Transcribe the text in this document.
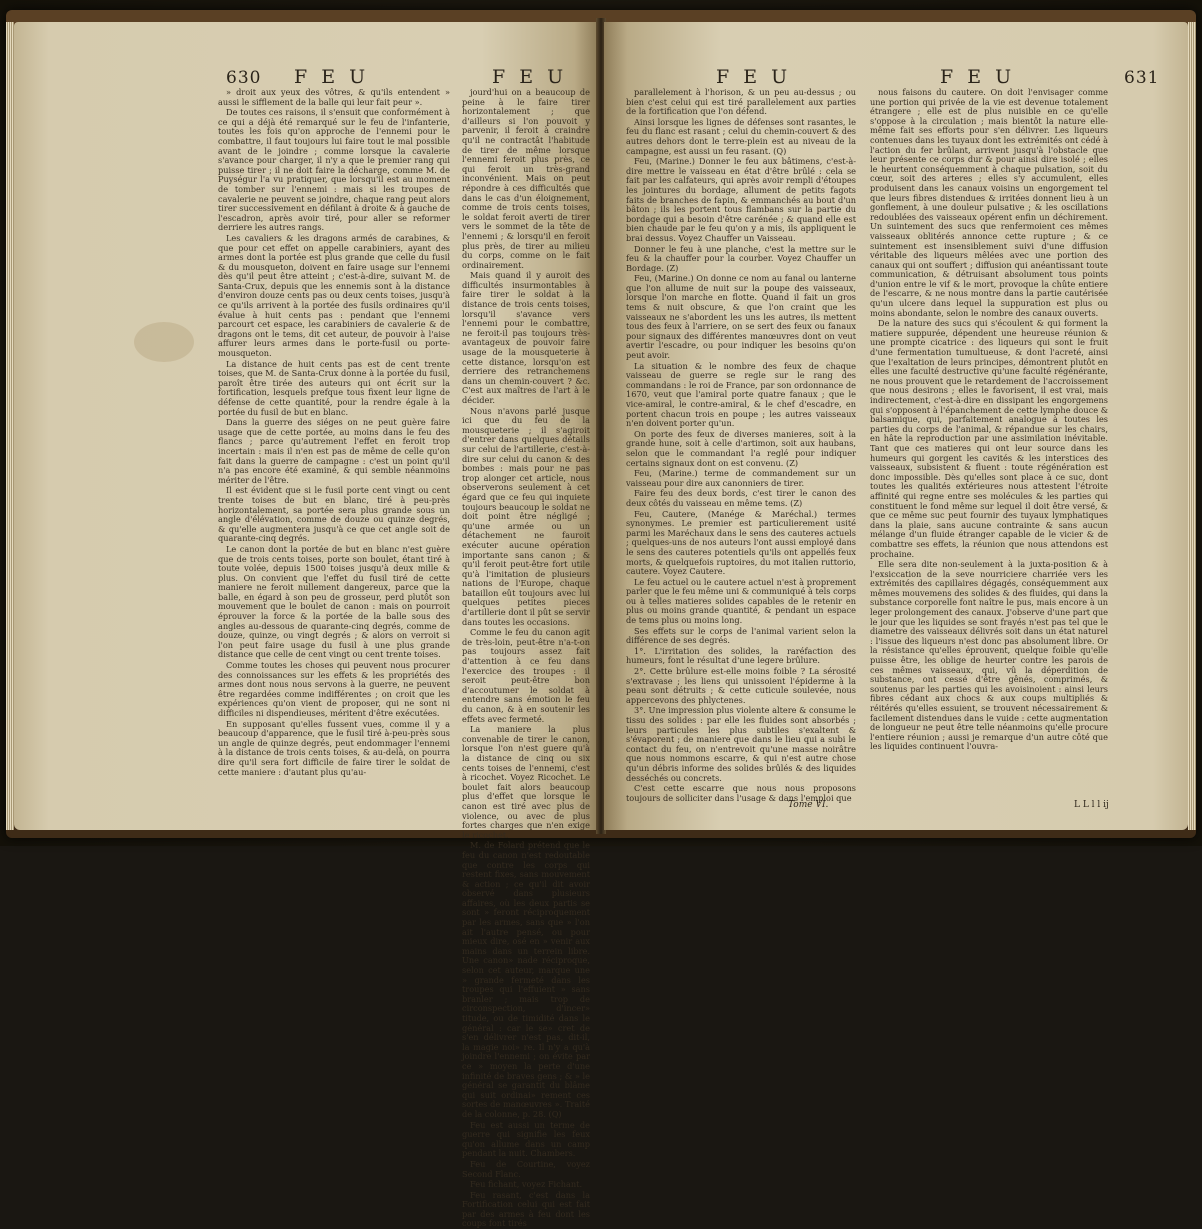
630 F E U	F E U

» droit aux yeux des vôtres, & qu'ils entendent » aussi le sifflement de la balle qui leur fait peur ».

De toutes ces raisons, il s'ensuit que conformément à ce qui a déjà été remarqué sur le feu de l'infanterie, toutes les fois qu'on approche de l'ennemi pour le combattre, il faut toujours lui faire tout le mal possible avant de le joindre ; comme lorsque la cavalerie s'avance pour charger, il n'y a que le premier rang qui puisse tirer ; il ne doit faire la décharge, comme M. de Puységur l'a vu pratiquer, que lorsqu'il est au moment de tomber sur l'ennemi : mais si les troupes de cavalerie ne peuvent se joindre, chaque rang peut alors tirer successivement en défilant à droite & à gauche de l'escadron, après avoir tiré, pour aller se reformer derriere les autres rangs.

Les cavaliers & les dragons armés de carabines, & que pour cet effet on appelle carabiniers, ayant des armes dont la portée est plus grande que celle du fusil & du mousqueton, doivent en faire usage sur l'ennemi dès qu'il peut être atteint ; c'est-à-dire, suivant M. de Santa-Crux, depuis que les ennemis sont à la distance d'environ douze cents pas ou deux cents toises, jusqu'à ce qu'ils arrivent à la portée des fusils ordinaires qu'il évalue à huit cents pas : pendant que l'ennemi parcourt cet espace, les carabiniers de cavalerie & de dragons ont le tems, dit cet auteur, de pouvoir à l'aise affurer leurs armes dans le porte-fusil ou porte-mousqueton.

La distance de huit cents pas est de cent trente toises, que M. de Santa-Crux donne à la portée du fusil, paroît être tirée des auteurs qui ont écrit sur la fortification, lesquels prefque tous fixent leur ligne de défense de cette quantité, pour la rendre égale à la portée du fusil de but en blanc.

Dans la guerre des siéges on ne peut guère faire usage que de cette portée, au moins dans le feu des flancs ; parce qu'autrement l'effet en feroit trop incertain : mais il n'en est pas de même de celle qu'on fait dans la guerre de campagne : c'est un point qu'il n'a pas encore été examiné, & qui semble néanmoins mériter de l'être.

Il est évident que si le fusil porte cent vingt ou cent trente toises de but en blanc, tiré à peu-près horizontalement, sa portée sera plus grande sous un angle d'élévation, comme de douze ou quinze degrés, & qu'elle augmentera jusqu'à ce que cet angle soit de quarante-cinq degrés.

Le canon dont la portée de but en blanc n'est guère que de trois cents toises, porte son boulet, étant tiré à toute volée, depuis 1500 toises jusqu'à deux mille & plus. On convient que l'effet du fusil tiré de cette maniere ne feroit nullement dangereux, parce que la balle, en égard à son peu de grosseur, perd plutôt son mouvement que le boulet de canon : mais on pourroit éprouver la force & la portée de la balle sous des angles au-dessous de quarante-cinq degrés, comme de douze, quinze, ou vingt degrés ; & alors on verroit si l'on peut faire usage du fusil à une plus grande distance que celle de cent vingt ou cent trente toises.

Comme toutes les choses qui peuvent nous procurer des connoissances sur les effets & les propriétés des armes dont nous nous servons à la guerre, ne peuvent être regardées comme indifférentes ; on croit que les expériences qu'on vient de proposer, qui ne sont ni difficiles ni dispendieuses, méritent d'être exécutées.

En supposant qu'elles fussent vues, comme il y a beaucoup d'apparence, que le fusil tiré à-peu-près sous un angle de quinze degrés, peut endommager l'ennemi à la distance de trois cents toises, & au-delà, on pourra dire qu'il sera fort difficile de faire tirer le soldat de cette maniere : d'autant plus qu'au-

jourd'hui on a beaucoup de peine à le faire tirer horizontalement ; que d'ailleurs si l'on pouvoit y parvenir, il feroit à craindre qu'il ne contractât l'habitude de tirer de même lorsque l'ennemi feroit plus près, ce qui feroit un très-grand inconvénient. Mais on peut répondre à ces difficultés que dans le cas d'un éloignement, comme de trois cents toises, le soldat feroit averti de tirer vers le sommet de la tête de l'ennemi ; & lorsqu'il en feroit plus près, de tirer au milieu du corps, comme on le fait ordinairement.

Mais quand il y auroit des difficultés insurmontables à faire tirer le soldat à la distance de trois cents toises, lorsqu'il s'avance vers l'ennemi pour le combattre, ne feroit-il pas toujours très-avantageux de pouvoir faire usage de la mousqueterie à cette distance, lorsqu'on est derriere des retranchemens dans un chemin-couvert ? &c. C'est aux maîtres de l'art à le décider.

Nous n'avons parlé jusque ici que du feu de la mousqueterie ; il s'agiroit d'entrer dans quelques détails sur celui de l'artillerie, c'est-à-dire sur celui du canon & des bombes : mais pour ne pas trop alonger cet article, nous observerons seulement à cet égard que ce feu qui inquiete toujours beaucoup le soldat ne doit point être négligé ; qu'une armée ou un détachement ne fauroit exécuter aucune opération importante sans canon ; & qu'il feroit peut-être fort utile qu'à l'imitation de plusieurs nations de l'Europe, chaque bataillon eût toujours avec lui quelques petites pieces d'artillerie dont il pût se servir dans toutes les occasions.

Comme le feu du canon agit de très-loin, peut-être n'a-t-on pas toujours assez fait d'attention à ce feu dans l'exercice des troupes : il seroit peut-être bon d'accoutumer le soldat à entendre sans émotion le feu du canon, & à en soutenir les effets avec fermeté.

La maniere la plus convenable de tirer le canon, lorsque l'on n'est guere qu'à la distance de cinq ou six cents toises de l'ennemi, c'est à ricochet. Voyez Ricochet. Le boulet fait alors beaucoup plus d'effet que lorsque le canon est tiré avec plus de violence, ou avec de plus fortes charges que n'en exige le ricochet.

M. de Folard prétend que le feu du canon n'est redoutable que contre les corps qui restent fixes, sans mouvement & action ; ce qu'il dit avoir observé dans plusieurs affaires, où les deux partis se sont » feront réciproquement par les armes, sans que » l'on ait l'autre pensé, ou pour mieux dire, osé en » venir aux mains dans un terrein libre. Une canon» nade réciproque, selon cet auteur, marque une » grande fermeté dans les troupes qui l'effuient » sans branler ; mais trop de circonspection, d'incer» titude, ou de timidité dans le général : car le se» cret de s'en délivrer n'est pas, dit-il, la magie noi» re. Il n'y a qu'à joindre l'ennemi ; on évite par ce » moyen la perte d'une infinité de braves gens ; & » le général se garantit du blâme qui suit ordinai» rement ces sortes de manœuvres ». Traité de la colonne, p. 28. (Q)

Feu est aussi un terme de guerre qui signifie les feux qu'on allume dans un camp pendant la nuit. Chambers.

Feu de Courtine, voyez Second Flanc.

Feu fichant, voyez Fichant.

Feu rasant, c'est dans la Fortification celui qui est fait par des armes à feu dont les coups font tirés

F E U	F E U	631

parallelement à l'horison, & un peu au-dessus ; ou bien c'est celui qui est tiré parallelement aux parties de la fortification que l'on défend.

Ainsi lorsque les lignes de défenses sont rasantes, le feu du flanc est rasant ; celui du chemin-couvert & des autres dehors dont le terre-plein est au niveau de la campagne, est aussi un feu rasant. (Q)

Feu, (Marine.) Donner le feu aux bâtimens, c'est-à-dire mettre le vaisseau en état d'être brûlé : cela se fait par les calfateurs, qui après avoir rempli d'étoupes les jointures du bordage, allument de petits fagots faits de branches de fapin, & emmanchés au bout d'un bâton ; ils les portent tous flambans sur la partie du bordage qui a besoin d'être carénée ; & quand elle est bien chaude par le feu qu'on y a mis, ils appliquent le brai dessus. Voyez Chauffer un Vaisseau.

Donner le feu à une planche, c'est la mettre sur le feu & la chauffer pour la courber. Voyez Chauffer un Bordage. (Z)

Feu, (Marine.) On donne ce nom au fanal ou lanterne que l'on allume de nuit sur la poupe des vaisseaux, lorsque l'on marche en flotte. Quand il fait un gros tems & nuit obscure, & que l'on craint que les vaisseaux ne s'abordent les uns les autres, ils mettent tous des feux à l'arriere, on se sert des feux ou fanaux pour signaux des différentes manœuvres dont on veut avertir l'escadre, ou pour indiquer les besoins qu'on peut avoir.

La situation & le nombre des feux de chaque vaisseau de guerre se regle sur le rang des commandans : le roi de France, par son ordonnance de 1670, veut que l'amiral porte quatre fanaux ; que le vice-amiral, le contre-amiral, & le chef d'escadre, en portent chacun trois en poupe ; les autres vaisseaux n'en doivent porter qu'un.

On porte des feux de diverses manieres, soit à la grande hune, soit à celle d'artimon, soit aux haubans, selon que le commandant l'a reglé pour indiquer certains signaux dont on est convenu. (Z)

Feu, (Marine.) terme de commandement sur un vaisseau pour dire aux canonniers de tirer.

Faire feu des deux bords, c'est tirer le canon des deux côtés du vaisseau en même tems. (Z)

Feu, Cautere, (Manége & Maréchal.) termes synonymes. Le premier est particulierement usité parmi les Maréchaux dans le sens des cauteres actuels ; quelques-uns de nos auteurs l'ont aussi employé dans le sens des cauteres potentiels qu'ils ont appellés feux morts, & quelquefois ruptoires, du mot italien ruttorio, cautere. Voyez Cautere.

Le feu actuel ou le cautere actuel n'est à proprement parler que le feu même uni & communiqué à tels corps ou à telles matieres solides capables de le retenir en plus ou moins grande quantité, & pendant un espace de tems plus ou moins long.

Ses effets sur le corps de l'animal varient selon la différence de ses degrés.

1°. L'irritation des solides, la raréfaction des humeurs, font le résultat d'une legere brûlure.

2°. Cette brûlure est-elle moins foible ? La sérosité s'extravase ; les liens qui unissoient l'épiderme à la peau sont détruits ; & cette cuticule soulevée, nous appercevons des phlyctenes.

3°. Une impression plus violente altere & consume le tissu des solides : par elle les fluides sont absorbés ; leurs particules les plus subtiles s'exaltent & s'évaporent ; de maniere que dans le lieu qui a subi le contact du feu, on n'entrevoit qu'une masse noirâtre que nous nommons escarre, & qui n'est autre chose qu'un débris informe des solides brûlés & des liquides desséchés ou concrets.

C'est cette escarre que nous nous proposons toujours de solliciter dans l'usage & dans l'emploi que

nous faisons du cautere. On doit l'envisager comme une portion qui privée de la vie est devenue totalement étrangere ; elle est de plus nuisible en ce qu'elle s'oppose à la circulation ; mais bientôt la nature elle-même fait ses efforts pour s'en délivrer. Les liqueurs contenues dans les tuyaux dont les extrémités ont cédé à l'action du fer brûlant, arrivent jusqu'à l'obstacle que leur présente ce corps dur & pour ainsi dire isolé ; elles le heurtent conséquemment à chaque pulsation, soit du cœur, soit des arteres ; elles s'y accumulent, elles produisent dans les canaux voisins un engorgement tel que leurs fibres distendues & irritées donnent lieu à un gonflement, à une douleur pulsative ; & les oscillations redoublées des vaisseaux opérent enfin un déchirement. Un suintement des sucs que renfermoient ces mêmes vaisseaux oblitérés annonce cette rupture ; & ce suintement est insensiblement suivi d'une diffusion véritable des liqueurs mêlées avec une portion des canaux qui ont souffert ; diffusion qui anéantissant toute communication, & détruisant absolument tous points d'union entre le vif & le mort, provoque la chûte entiere de l'escarre, & ne nous montre dans la partie cautérisée qu'un ulcere dans lequel la suppuration est plus ou moins abondante, selon le nombre des canaux ouverts.

De la nature des sucs qui s'écoulent & qui forment la matiere suppurée, dépendent une heureuse réunion & une prompte cicatrice : des liqueurs qui sont le fruit d'une fermentation tumultueuse, & dont l'acreté, ainsi que l'exaltation de leurs principes, démontrent plutôt en elles une faculté destructive qu'une faculté régénérante, ne nous prouvent que le retardement de l'accroissement que nous desirons ; elles le favorisent, il est vrai, mais indirectement, c'est-à-dire en dissipant les engorgemens qui s'opposent à l'épanchement de cette lymphe douce & balsamique, qui, parfaitement analogue à toutes les parties du corps de l'animal, & répandue sur les chairs, en hâte la reproduction par une assimilation inévitable. Tant que ces matieres qui ont leur source dans les humeurs qui gorgent les cavités & les interstices des vaisseaux, subsistent & fluent : toute régénération est donc impossible. Dès qu'elles sont place à ce suc, dont toutes les qualités extérieures nous attestent l'étroite affinité qui regne entre ses molécules & les parties qui constituent le fond même sur lequel il doit être versé, & que ce même suc peut fournir des tuyaux lymphatiques dans la plaie, sans aucune contrainte & sans aucun mélange d'un fluide étranger capable de le vicier & de combattre ses effets, la réunion que nous attendons est prochaine.

Elle sera dite non-seulement à la juxta-position & à l'exsiccation de la seve nourriciere charriée vers les extrémités des capillaires dégagés, conséquemment aux mêmes mouvemens des solides & des fluides, qui dans la substance corporelle font naître le pus, mais encore à un leger prolongement des canaux. J'observe d'une part que le jour que les liquides se sont frayés n'est pas tel que le diametre des vaisseaux délivrés soit dans un état naturel : l'issue des liqueurs n'est donc pas absolument libre. Or la résistance qu'elles éprouvent, quelque foible qu'elle puisse être, les oblige de heurter contre les parois de ces mêmes vaisseaux, qui, vû la déperdition de substance, ont cessé d'être gênés, comprimés, & soutenus par les parties qui les avoisinoient : ainsi leurs fibres cédant aux chocs & aux coups multipliés & réitérés qu'elles essuient, se trouvent nécessairement & facilement distendues dans le vuide : cette augmentation de longueur ne peut être telle néanmoins qu'elle procure l'entiere réunion ; aussi je remarque d'un autre côté que les liquides continuent l'ouvra-

Tome VI.	L L l l ij
